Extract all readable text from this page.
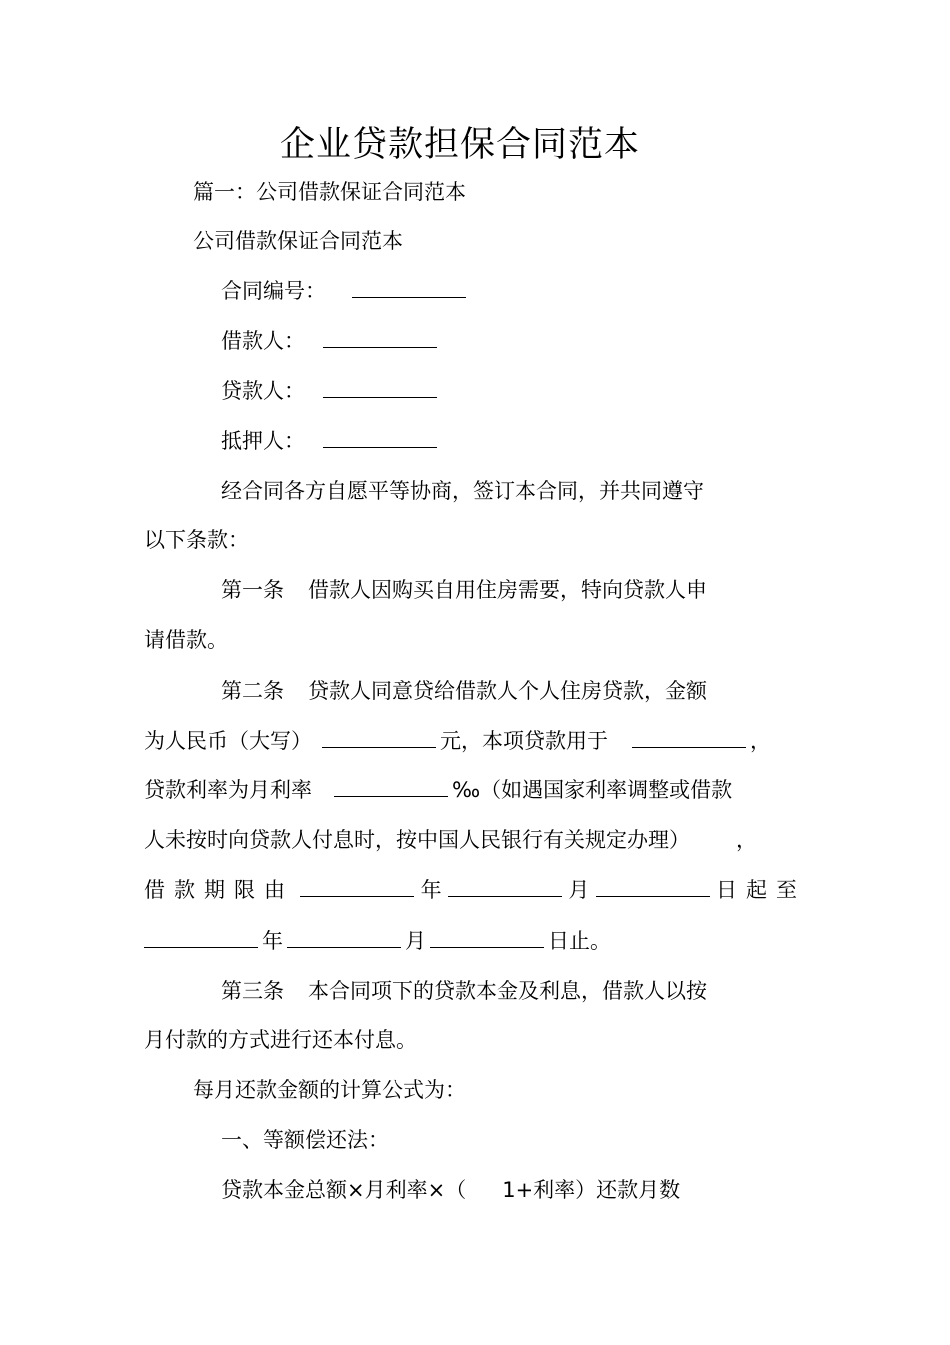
企业贷款担保合同范本
篇一：公司借款保证合同范本
公司借款保证合同范本
合同编号：
借款人：
贷款人：
抵押人：
经合同各方自愿平等协商，签订本合同，并共同遵守
以下条款：
第一条 借款人因购买自用住房需要，特向贷款人申
请借款。
第二条 贷款人同意贷给借款人个人住房贷款，金额
为人民币（大写）	元，本项贷款用于	，
贷款利率为月利率	‰（如遇国家利率调整或借款
人未按时向贷款人付息时，按中国人民银行有关规定办理） ，
借款期限由	年	月	日起至
年	月	日止。
第三条 本合同项下的贷款本金及利息，借款人以按
月付款的方式进行还本付息。
每月还款金额的计算公式为：
一、等额偿还法：
贷款本金总额×月利率×（ 1+利率）还款月数
